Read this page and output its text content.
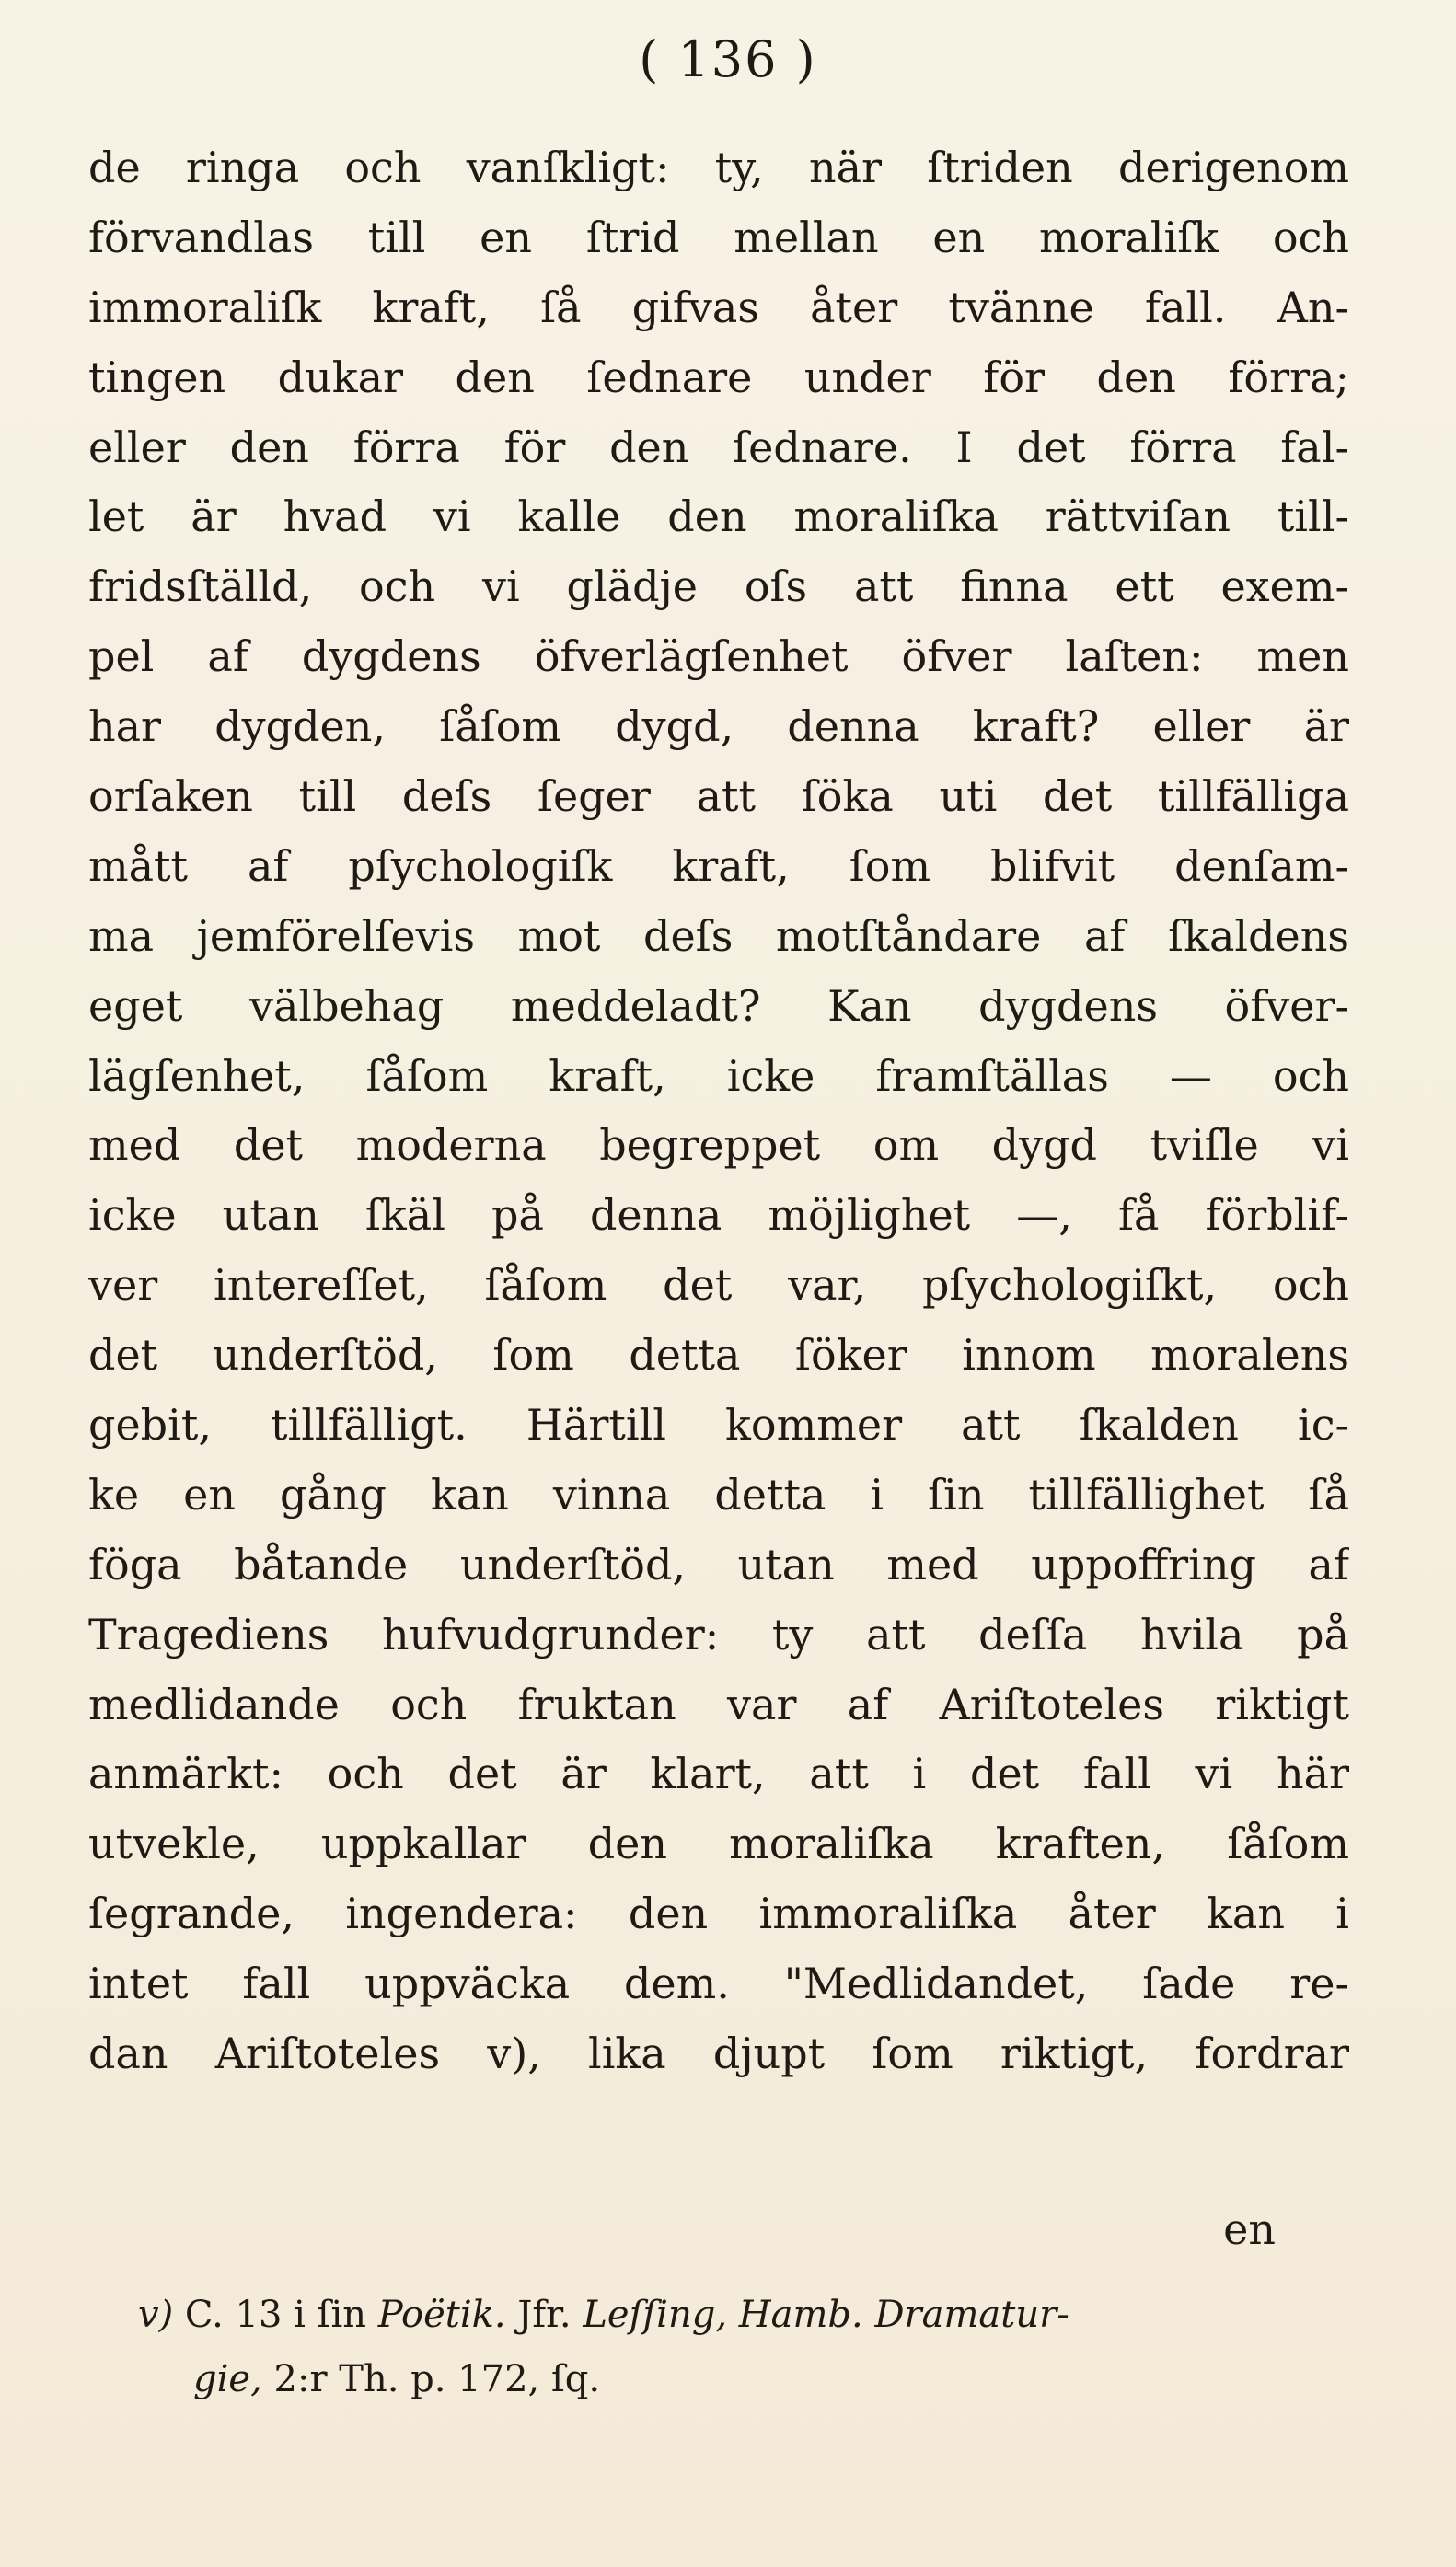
( 136 )
de ringa och vanſkligt: ty, när ſtriden derigenom
förvandlas till en ſtrid mellan en moraliſk och
immoraliſk kraft, ſå gifvas åter tvänne fall. An-
tingen dukar den ſednare under för den förra;
eller den förra för den ſednare. I det förra fal-
let är hvad vi kalle den moraliſka rättviſan till-
fridsſtälld, och vi glädje oſs att finna ett exem-
pel af dygdens öfverlägſenhet öfver laſten: men
har dygden, ſåſom dygd, denna kraft? eller är
orſaken till deſs ſeger att ſöka uti det tillfälliga
mått af pſychologiſk kraft, ſom blifvit denſam-
ma jemförelſevis mot deſs motſtåndare af ſkaldens
eget välbehag meddeladt? Kan dygdens öfver-
lägſenhet, ſåſom kraft, icke framſtällas — och
med det moderna begreppet om dygd tviſle vi
icke utan ſkäl på denna möjlighet —, få förblif-
ver intereſſet, ſåſom det var, pſychologiſkt, och
det underſtöd, ſom detta ſöker innom moralens
gebit, tillfälligt. Härtill kommer att ſkalden ic-
ke en gång kan vinna detta i ſin tillfällighet ſå
föga båtande underſtöd, utan med uppoffring af
Tragediens hufvudgrunder: ty att deſſa hvila på
medlidande och fruktan var af Ariſtoteles riktigt
anmärkt: och det är klart, att i det fall vi här
utvekle, uppkallar den moraliſka kraften, ſåſom
ſegrande, ingendera: den immoraliſka åter kan i
intet fall uppväcka dem. "Medlidandet, ſade re-
dan Ariſtoteles v), lika djupt ſom riktigt, fordrar
en
v) C. 13 i ſin Poëtik. Jfr. Leſſing, Hamb. Dramatur-
gie, 2:r Th. p. 172, ſq.
